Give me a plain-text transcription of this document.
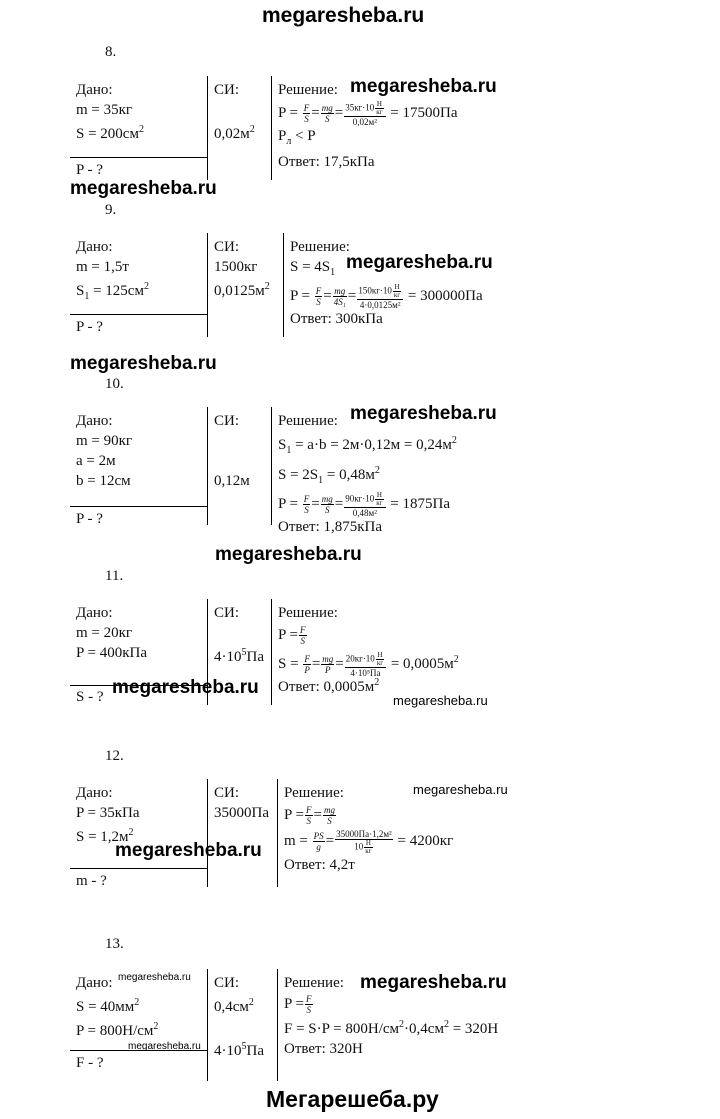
megaresheba.ru
8.
Дано:
m = 35кг
$S = 200см^2$
P - ?
СИ:

$0,02м^2$
Решение:
$P = \frac{F}{S} = \frac{mg}{S} = \frac{35кг\cdot 10 \frac{Н}{кг}}{\text{0,02м²}} = 17500Па$
$P_л < P$
Ответ: 17,5кПа
megaresheba.ru
megaresheba.ru
9.
Дано:
m = 1,5т
$S_1 = 125см^2$
P - ?
СИ:
1500кг
$0,0125м^2$
Решение:
$S = 4S_1$
$P = \frac{F}{S} = \frac{mg}{\text{4S₁}} = \frac{150кг\cdot 10 \frac{Н}{кг}}{\text{4·0,0125м²}} = 300000Па$
Ответ: 300кПа
megaresheba.ru
megaresheba.ru
10.
Дано:
m = 90кг
a = 2м
b = 12см
P - ?
СИ:

0,12м
Решение:
$S_1 = a\cdot b = 2м\cdot 0,12м = 0,24м^2$
$S = 2S_1 = 0,48м^2$
$P = \frac{F}{S} = \frac{mg}{S} = \frac{90кг\cdot 10 \frac{Н}{кг}}{\text{0,48м²}} = 1875Па$
Ответ: 1,875кПа
megaresheba.ru
megaresheba.ru
11.
Дано:
m = 20кг
P = 400кПа
S - ?
СИ:

$4\cdot 10^5Па$
Решение:
$P = \frac{F}{S}$
$S = \frac{F}{P} = \frac{mg}{P} = \frac{20кг\cdot 10 \frac{Н}{кг}}{\text{4·10⁵Па}} = 0,0005м^2$
Ответ: $0,0005м^2$
megaresheba.ru
megaresheba.ru
12.
Дано:
P = 35кПа
$S = 1,2м^2$
m - ?
СИ:
35000Па
Решение:
$P = \frac{F}{S} = \frac{mg}{S}$
$m = \frac{PS}{g} = \frac{\text{35000Па·1,2м²}}{10 \frac{Н}{кг}} = 4200кг$
Ответ: 4,2т
megaresheba.ru
megaresheba.ru
13.
Дано:
$S = 40мм^2$
$P = 800Н/см^2$
F - ?
СИ:
$0,4см^2$

$4\cdot 10^5Па$
Решение:
$P = \frac{F}{S}$
$F = S\cdot P = 800Н/см^2\cdot 0,4см^2 = 320Н$
Ответ: 320Н
megaresheba.ru	megaresheba.ru
megaresheba.ru
Мегарешеба.ру
